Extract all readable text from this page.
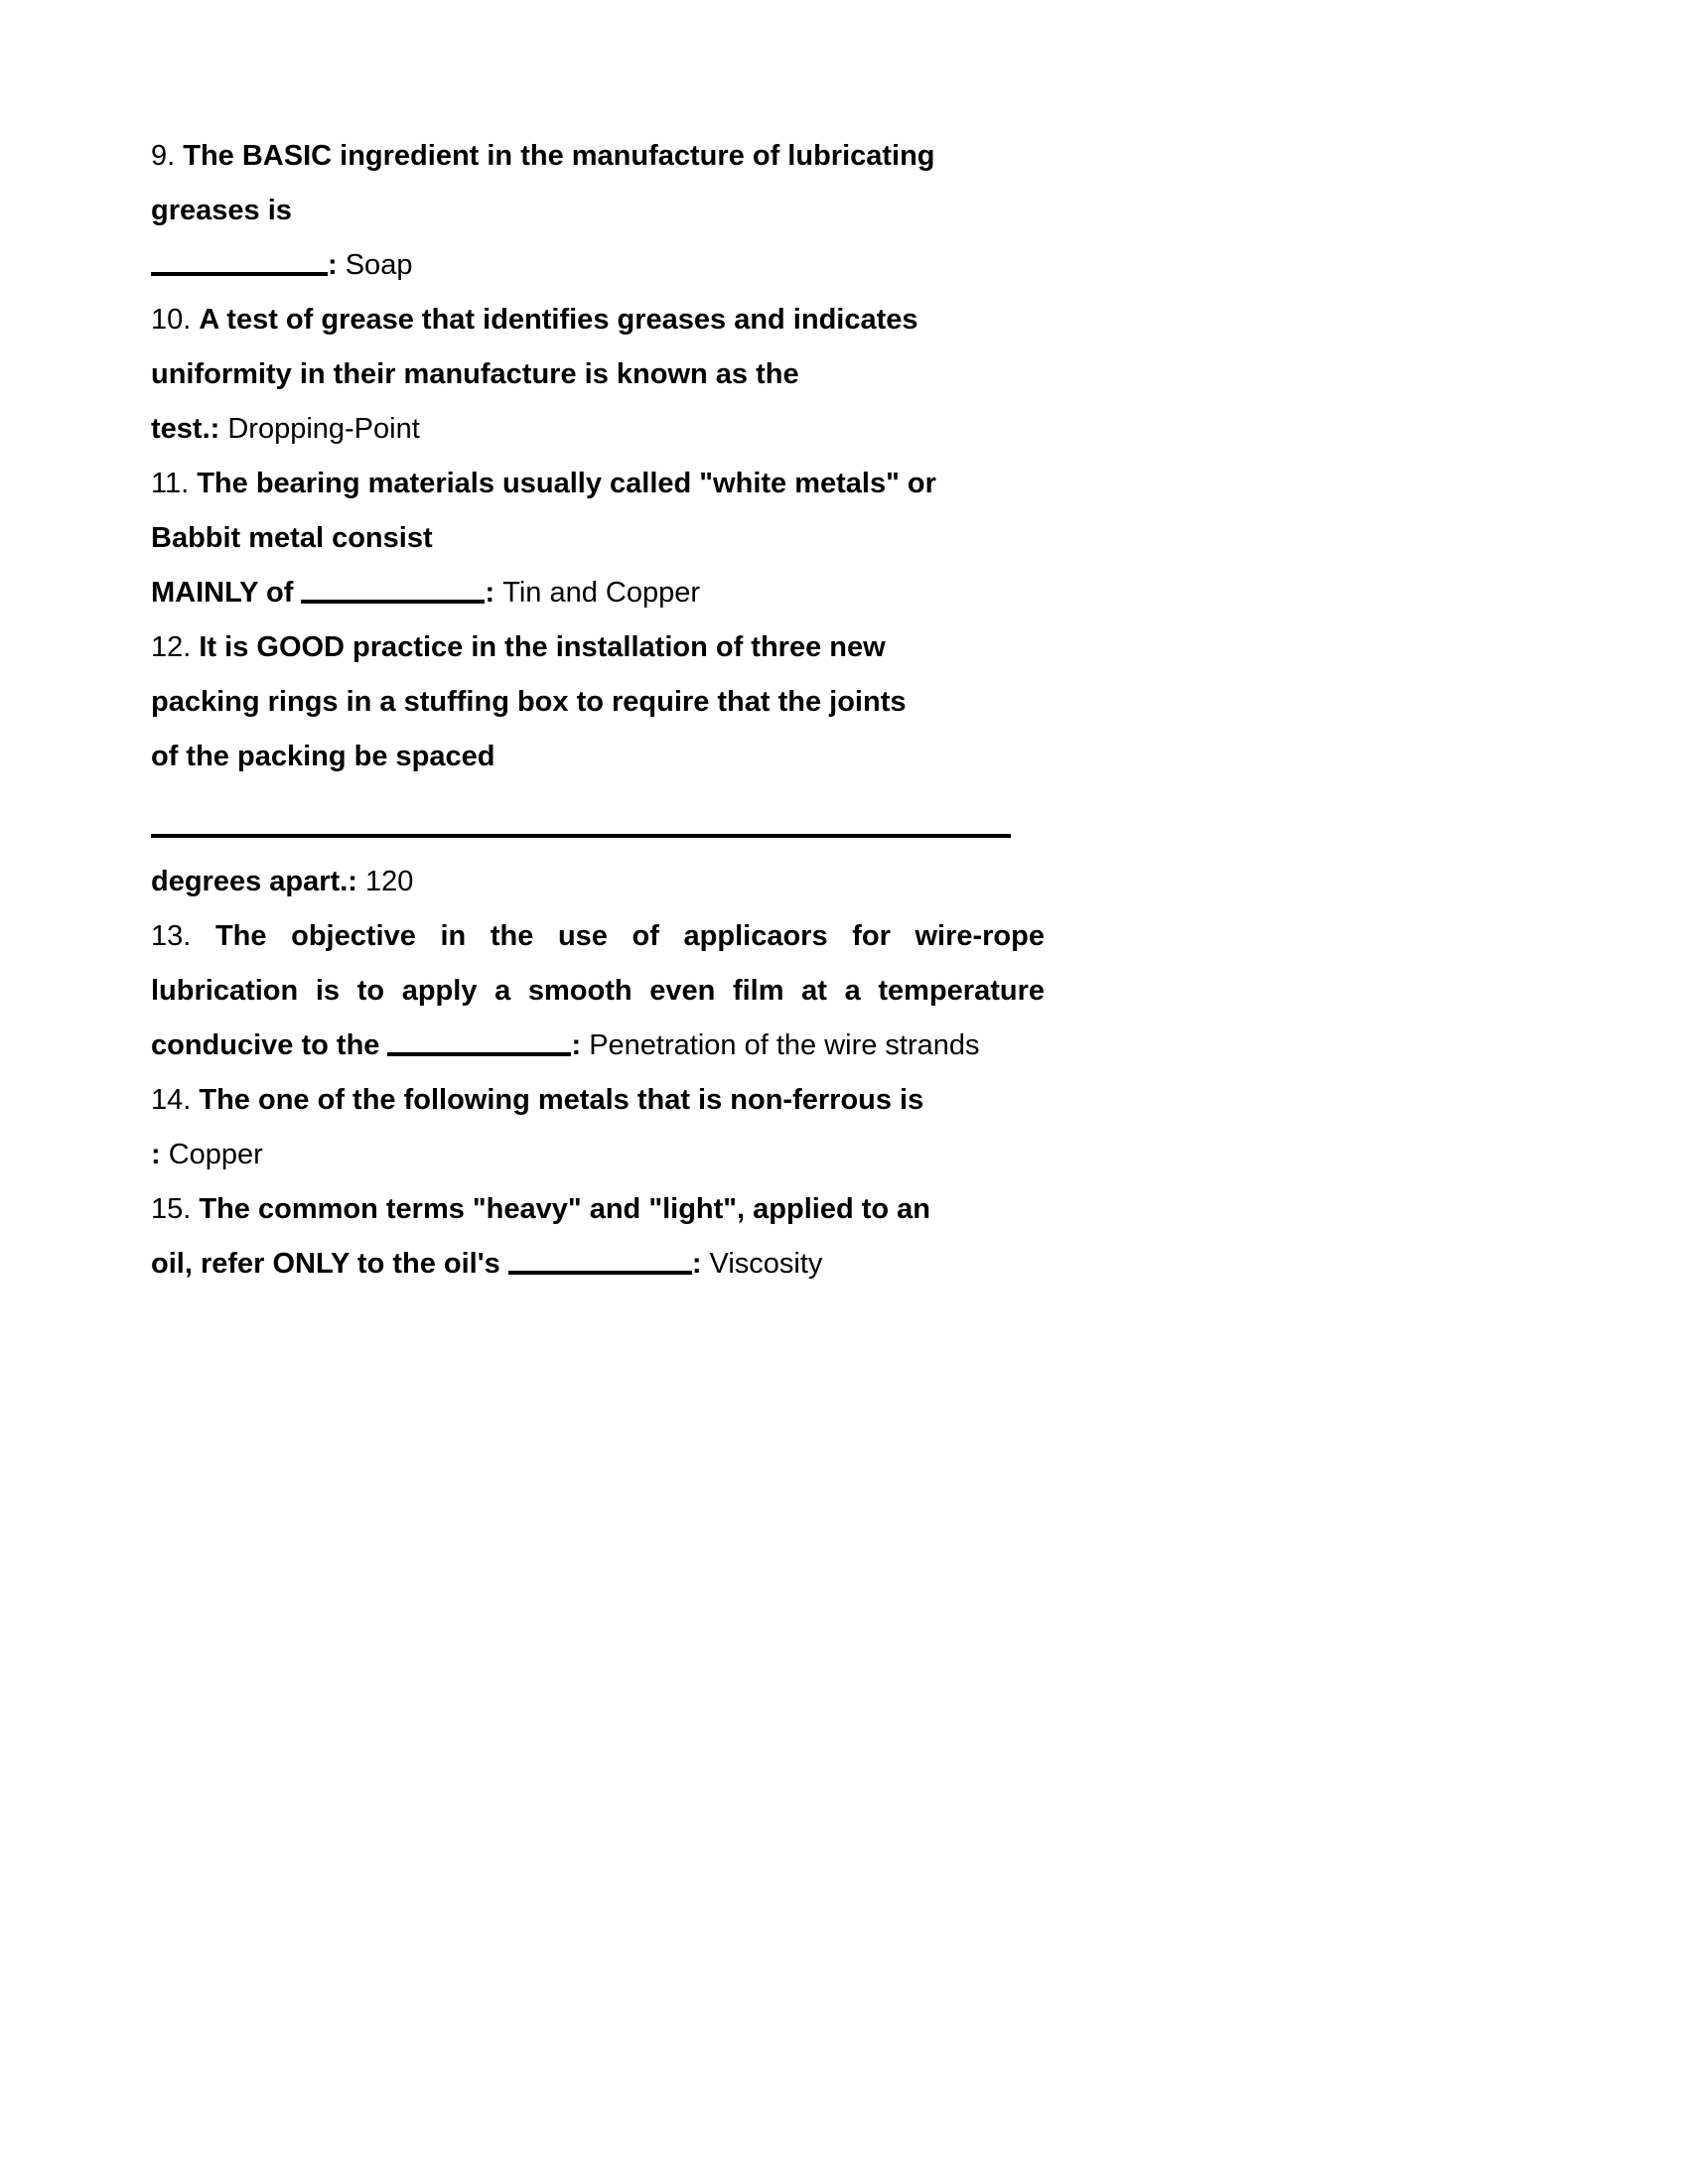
9. The BASIC ingredient in the manufacture of lubricating
greases is
: Soap
10. A test of grease that identifies greases and indicates
uniformity in their manufacture is known as the
test.: Dropping-Point
11. The bearing materials usually called "white metals" or
Babbit metal consist
MAINLY of	: Tin and Copper
12. It is GOOD practice in the installation of three new
packing rings in a stuffing box to require that the joints
of the packing be spaced
degrees apart.: 120
13. The objective in the use of applicaors for wire-rope
lubrication is to apply a smooth even film at a temperature
conducive to the	: Penetration of the wire strands
14. The one of the following metals that is non-ferrous is
: Copper
15. The common terms "heavy" and "light", applied to an
oil, refer ONLY to the oil's	: Viscosity
